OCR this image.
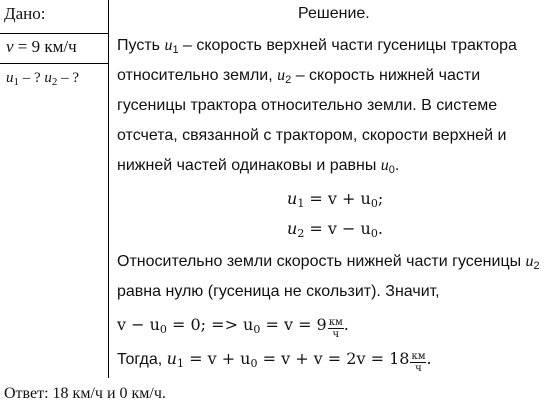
Дано:
v = 9 км/ч
$u_1$ – ? $u_2$ – ?
Решение.
Пусть $u_1$ – скорость верхней части гусеницы трактора
относительно земли, $u_2$ – скорость нижней части
гусеницы трактора относительно земли. В системе
отсчета, связанной с трактором, скорости верхней и
нижней частей одинаковы и равны $u_0$.
$u_1 = v + u_0$;
$u_2 = v - u_0$.
Относительно земли скорость нижней части гусеницы $u_2$
равна нулю (гусеница не скользит). Значит,
$v - u_0 = 0$; => $u_0 = v = 9 \frac{км}{ч}$ .
Тогда, $u_1 = v + u_0 = v + v = 2v = 18 \frac{км}{ч}$ .
Ответ: 18 км/ч и 0 км/ч.
